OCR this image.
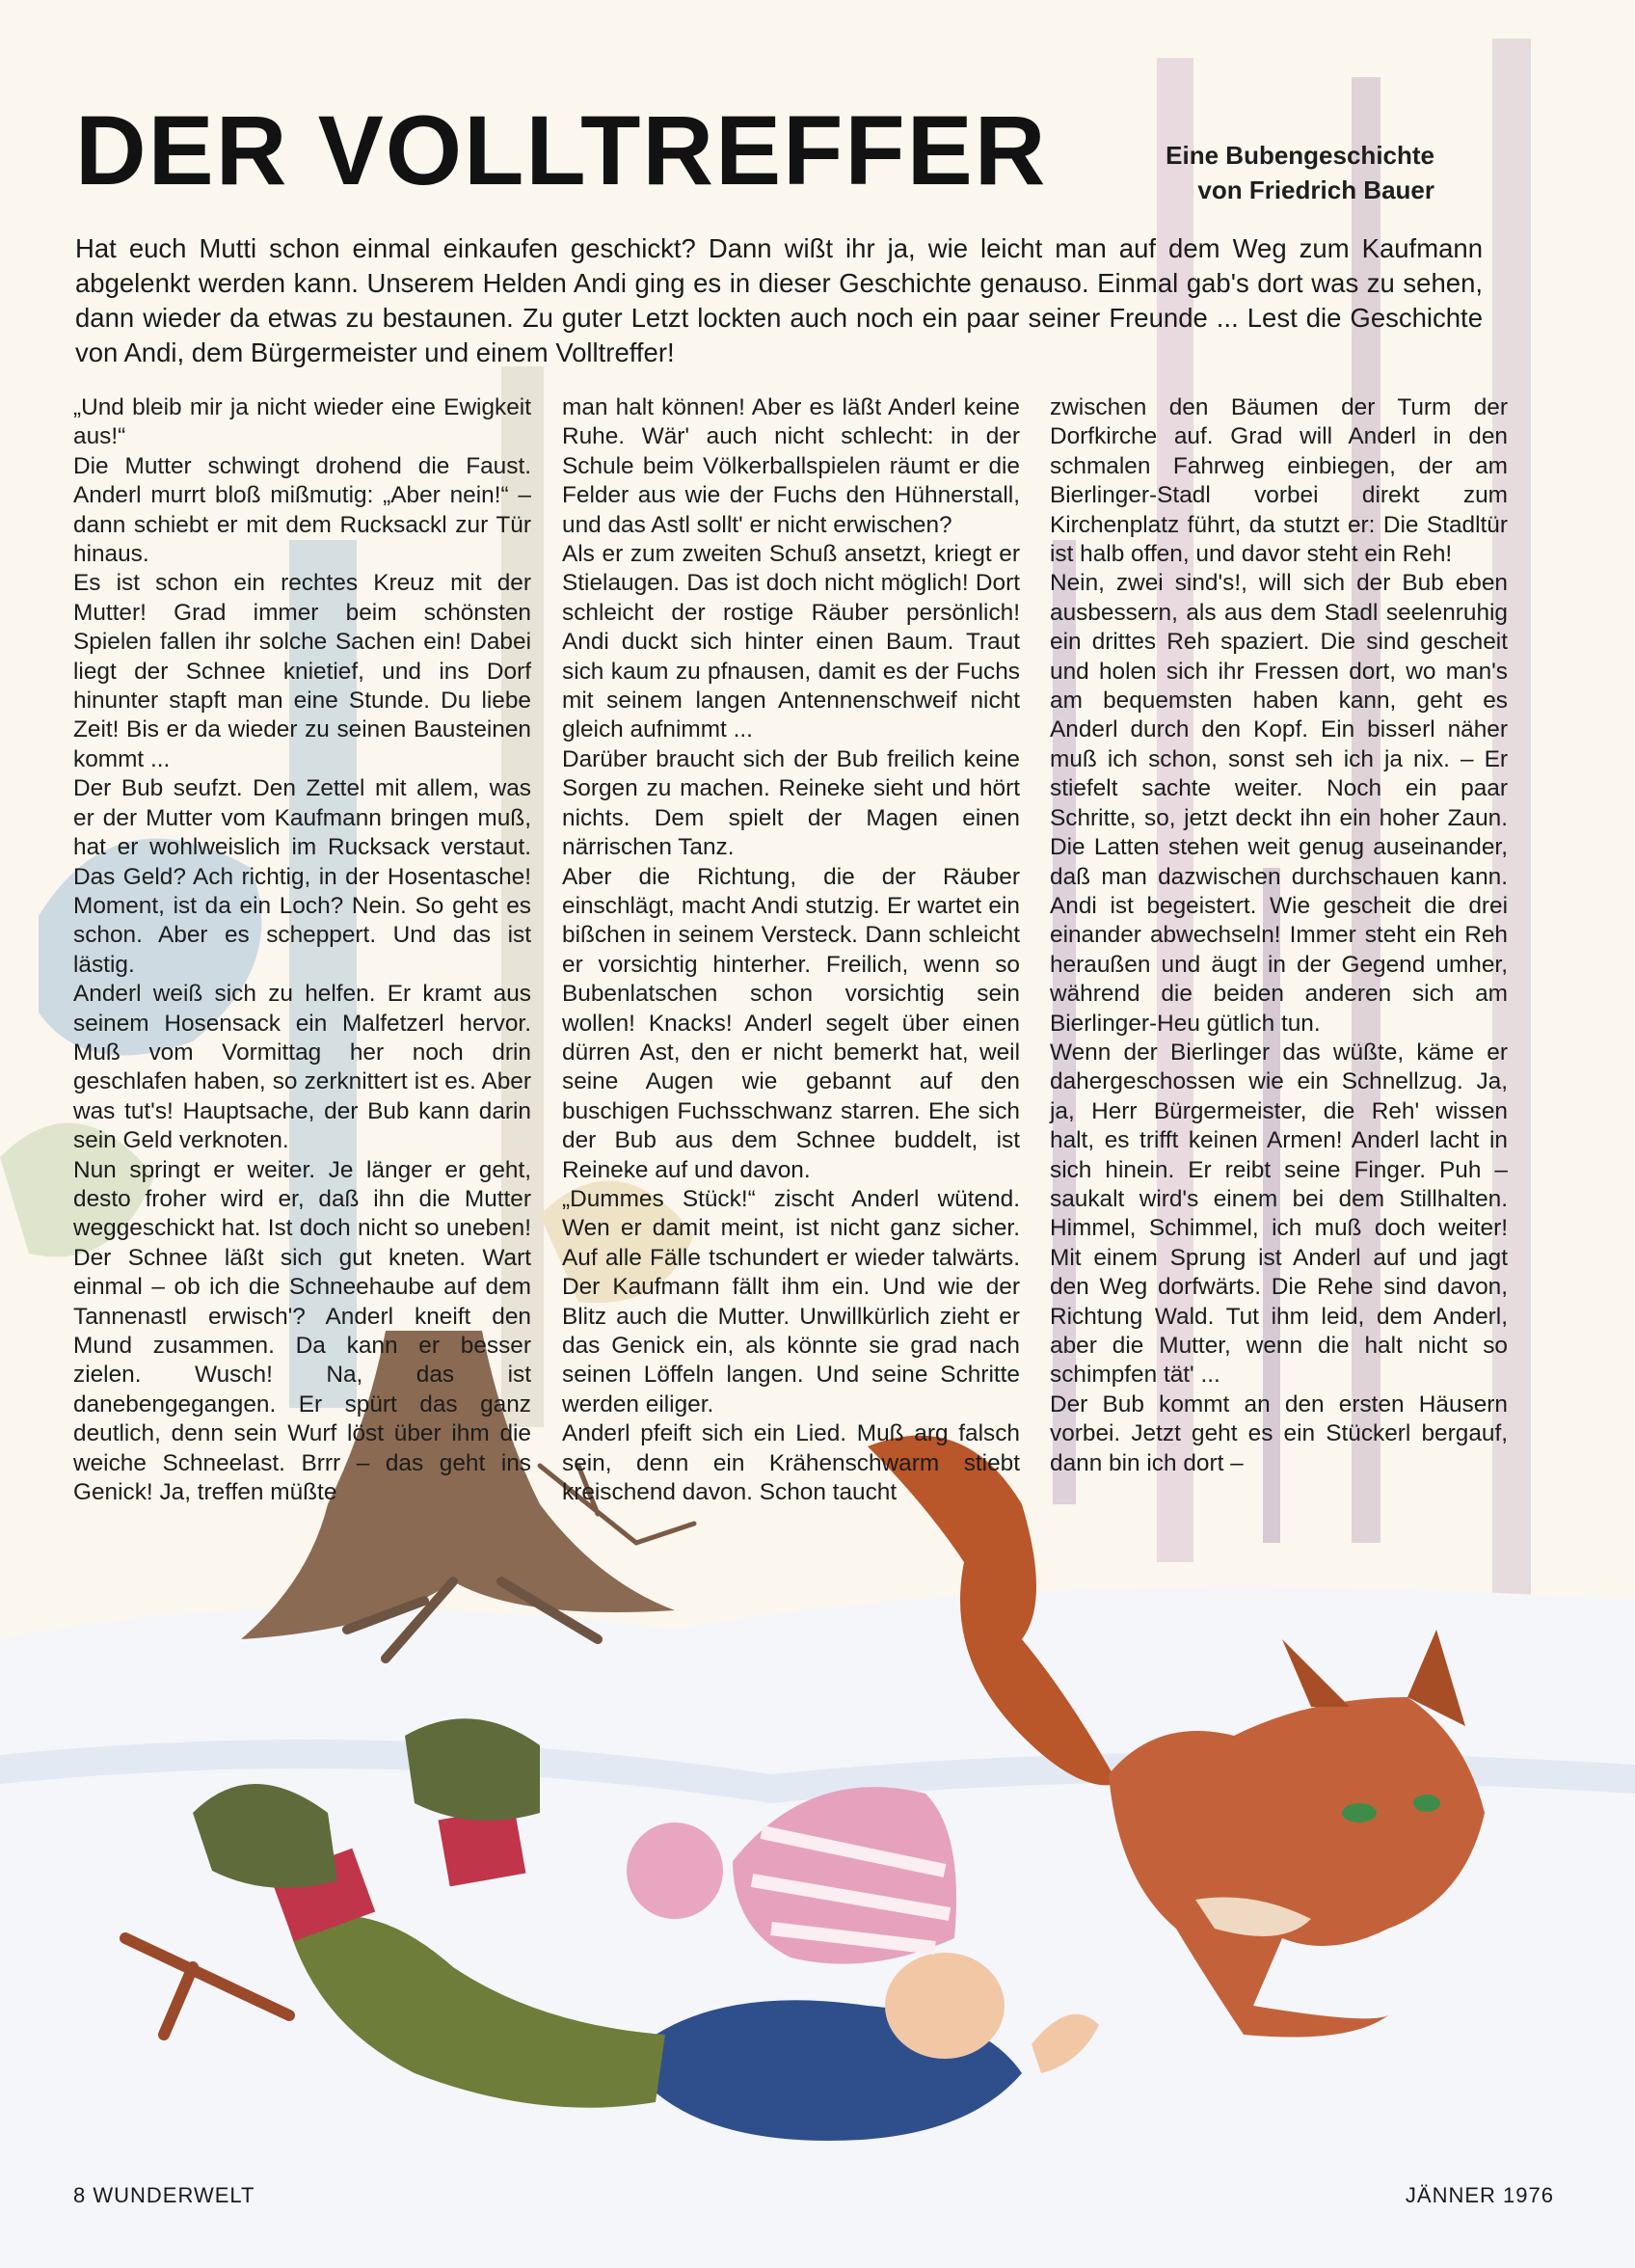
DER VOLLTREFFER	Eine Bubengeschichte
von Friedrich Bauer

Hat euch Mutti schon einmal einkaufen geschickt? Dann wißt ihr ja, wie leicht man auf dem Weg zum Kaufmann abgelenkt werden kann. Unserem Helden Andi ging es in dieser Geschichte genauso. Einmal gab's dort was zu sehen, dann wieder da etwas zu bestaunen. Zu guter Letzt lockten auch noch ein paar seiner Freunde ... Lest die Geschichte von Andi, dem Bürgermeister und einem Volltreffer!

„Und bleib mir ja nicht wieder eine Ewigkeit aus!“

Die Mutter schwingt drohend die Faust. Anderl murrt bloß mißmutig: „Aber nein!“ – dann schiebt er mit dem Rucksackl zur Tür hinaus.

Es ist schon ein rechtes Kreuz mit der Mutter! Grad immer beim schönsten Spielen fallen ihr solche Sachen ein! Dabei liegt der Schnee knietief, und ins Dorf hinunter stapft man eine Stunde. Du liebe Zeit! Bis er da wieder zu seinen Bausteinen kommt ...

Der Bub seufzt. Den Zettel mit allem, was er der Mutter vom Kaufmann bringen muß, hat er wohlweislich im Rucksack verstaut. Das Geld? Ach richtig, in der Hosentasche! Moment, ist da ein Loch? Nein. So geht es schon. Aber es scheppert. Und das ist lästig.

Anderl weiß sich zu helfen. Er kramt aus seinem Hosensack ein Malfetzerl hervor. Muß vom Vormittag her noch drin geschlafen haben, so zerknittert ist es. Aber was tut's! Hauptsache, der Bub kann darin sein Geld verknoten.

Nun springt er weiter. Je länger er geht, desto froher wird er, daß ihn die Mutter weggeschickt hat. Ist doch nicht so uneben! Der Schnee läßt sich gut kneten. Wart einmal – ob ich die Schneehaube auf dem Tannenastl erwisch'? Anderl kneift den Mund zusammen. Da kann er besser zielen. Wusch! Na, das ist danebengegangen. Er spürt das ganz deutlich, denn sein Wurf löst über ihm die weiche Schneelast. Brrr – das geht ins Genick! Ja, treffen müßte

man halt können! Aber es läßt Anderl keine Ruhe. Wär' auch nicht schlecht: in der Schule beim Völkerballspielen räumt er die Felder aus wie der Fuchs den Hühnerstall, und das Astl sollt' er nicht erwischen?

Als er zum zweiten Schuß ansetzt, kriegt er Stielaugen. Das ist doch nicht möglich! Dort schleicht der rostige Räuber persönlich! Andi duckt sich hinter einen Baum. Traut sich kaum zu pfnausen, damit es der Fuchs mit seinem langen Antennenschweif nicht gleich aufnimmt ...

Darüber braucht sich der Bub freilich keine Sorgen zu machen. Reineke sieht und hört nichts. Dem spielt der Magen einen närrischen Tanz.

Aber die Richtung, die der Räuber einschlägt, macht Andi stutzig. Er wartet ein bißchen in seinem Versteck. Dann schleicht er vorsichtig hinterher. Freilich, wenn so Bubenlatschen schon vorsichtig sein wollen! Knacks! Anderl segelt über einen dürren Ast, den er nicht bemerkt hat, weil seine Augen wie gebannt auf den buschigen Fuchsschwanz starren. Ehe sich der Bub aus dem Schnee buddelt, ist Reineke auf und davon.

„Dummes Stück!“ zischt Anderl wütend. Wen er damit meint, ist nicht ganz sicher. Auf alle Fälle tschundert er wieder talwärts. Der Kaufmann fällt ihm ein. Und wie der Blitz auch die Mutter. Unwillkürlich zieht er das Genick ein, als könnte sie grad nach seinen Löffeln langen. Und seine Schritte werden eiliger.

Anderl pfeift sich ein Lied. Muß arg falsch sein, denn ein Krähenschwarm stiebt kreischend davon. Schon taucht

zwischen den Bäumen der Turm der Dorfkirche auf. Grad will Anderl in den schmalen Fahrweg einbiegen, der am Bierlinger-Stadl vorbei direkt zum Kirchenplatz führt, da stutzt er: Die Stadltür ist halb offen, und davor steht ein Reh!

Nein, zwei sind's!, will sich der Bub eben ausbessern, als aus dem Stadl seelenruhig ein drittes Reh spaziert. Die sind gescheit und holen sich ihr Fressen dort, wo man's am bequemsten haben kann, geht es Anderl durch den Kopf. Ein bisserl näher muß ich schon, sonst seh ich ja nix. – Er stiefelt sachte weiter. Noch ein paar Schritte, so, jetzt deckt ihn ein hoher Zaun. Die Latten stehen weit genug auseinander, daß man dazwischen durchschauen kann. Andi ist begeistert. Wie gescheit die drei einander abwechseln! Immer steht ein Reh heraußen und äugt in der Gegend umher, während die beiden anderen sich am Bierlinger-Heu gütlich tun.

Wenn der Bierlinger das wüßte, käme er dahergeschossen wie ein Schnellzug. Ja, ja, Herr Bürgermeister, die Reh' wissen halt, es trifft keinen Armen! Anderl lacht in sich hinein. Er reibt seine Finger. Puh – saukalt wird's einem bei dem Stillhalten. Himmel, Schimmel, ich muß doch weiter! Mit einem Sprung ist Anderl auf und jagt den Weg dorfwärts. Die Rehe sind davon, Richtung Wald. Tut ihm leid, dem Anderl, aber die Mutter, wenn die halt nicht so schimpfen tät' ...

Der Bub kommt an den ersten Häusern vorbei. Jetzt geht es ein Stückerl bergauf, dann bin ich dort –

8 WUNDERWELT	JÄNNER 1976
